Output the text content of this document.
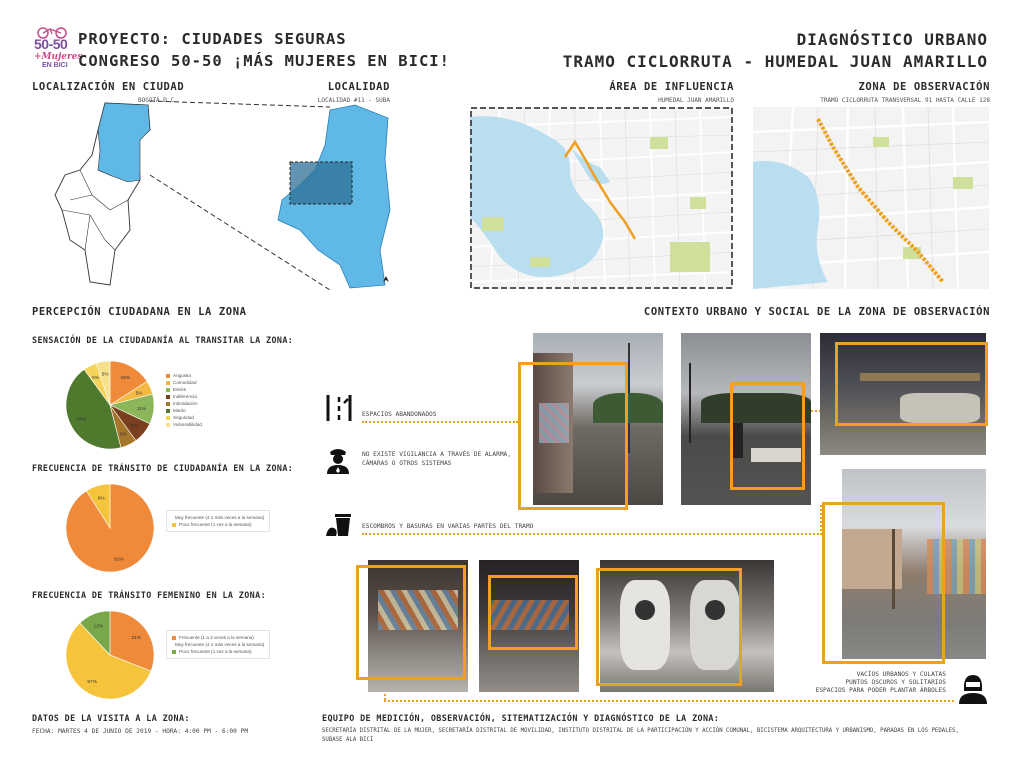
50-50
+Mujeres
EN BICI
PROYECTO: CIUDADES SEGURAS
CONGRESO 50-50 ¡MÁS MUJERES EN BICI!
DIAGNÓSTICO URBANO
TRAMO CICLORRUTA - HUMEDAL JUAN AMARILLO
LOCALIZACIÓN EN CIUDAD
BOGOTÁ D.C.
LOCALIDAD
LOCALIDAD #11 - SUBA
ÁREA DE INFLUENCIA
HUMEDAL JUAN AMARILLO
ZONA DE OBSERVACIÓN
TRAMO CICLORRUTA TRANSVERSAL 91 HASTA CALLE 128
PERCEPCIÓN CIUDADANA EN LA ZONA
SENSACIÓN DE LA CIUDADANÍA AL TRANSITAR LA ZONA:
FRECUENCIA DE TRÁNSITO DE CIUDADANÍA EN LA ZONA:
FRECUENCIA DE TRÁNSITO FEMENINO EN LA ZONA:
16%
5%
11%
8%
6%
44%
5%
5%	Angustia
Comodidad
Estrés
Indiferencia
Intimidación
Miedo
Seguridad
Vulnerabilidad
91%
9%
Muy frecuente (4 o más veces a la semana)
Poco frecuente (1 vez a la semana)
31%
57%
12%
Frecuente (1 a 3 veces a la semana)
Muy frecuente (4 o más veces a la semana)
Poco frecuente (1 vez a la semana)
CONTEXTO URBANO Y SOCIAL DE LA ZONA DE OBSERVACIÓN
ESPACIOS ABANDONADOS
NO EXISTE VIGILANCIA A TRAVÉS DE ALARMA,
CÁMARAS O OTROS SISTEMAS
ESCOMBROS Y BASURAS EN VARIAS PARTES DEL TRAMO
VACÍOS URBANOS Y CULATAS
PUNTOS OSCUROS Y SOLITARIOS
ESPACIOS PARA PODER PLANTAR ÁRBOLES
DATOS DE LA VISITA A LA ZONA:
FECHA: MARTES 4 DE JUNIO DE 2019 - HORA: 4:00 PM - 6:00 PM
EQUIPO DE MEDICIÓN, OBSERVACIÓN, SITEMATIZACIÓN Y DIAGNÓSTICO DE LA ZONA:
SECRETARÍA DISTRITAL DE LA MUJER, SECRETARÍA DISTRITAL DE MOVILIDAD, INSTITUTO DISTRITAL DE LA PARTICIPACIÓN Y ACCIÓN COMUNAL, BICISTEMA ARQUITECTURA Y URBANISMO, PARADAS EN LOS PEDALES,
SUBASE ALA BICI
